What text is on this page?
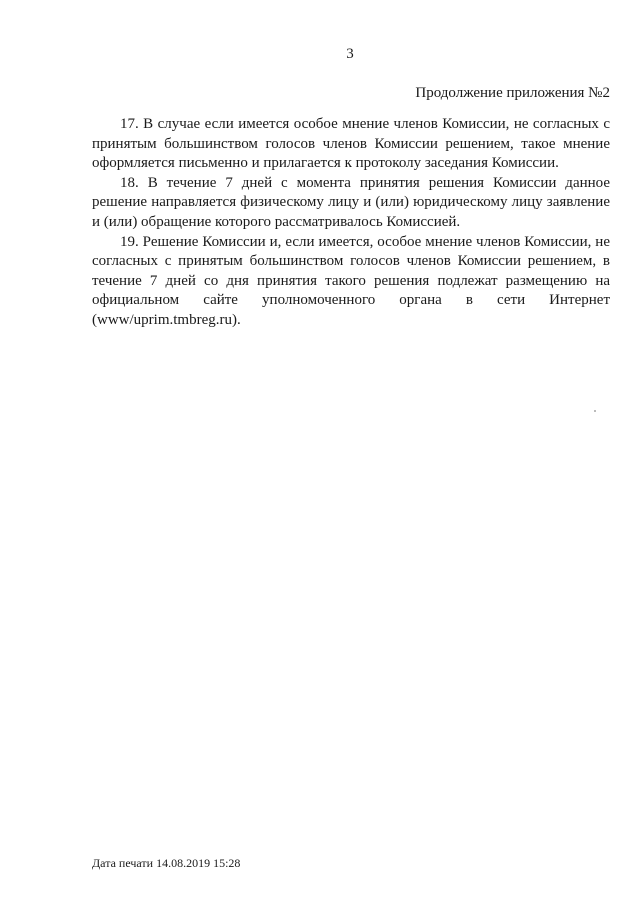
3
Продолжение приложения №2

17. В случае если имеется особое мнение членов Комиссии, не согласных с принятым большинством голосов членов Комиссии решением, такое мнение оформляется письменно и прилагается к протоколу заседания Комиссии.

18. В течение 7 дней с момента принятия решения Комиссии данное решение направляется физическому лицу и (или) юридическому лицу заявление и (или) обращение которого рассматривалось Комиссией.

19. Решение Комиссии и, если имеется, особое мнение членов Комиссии, не согласных с принятым большинством голосов членов Комиссии решением, в течение 7 дней со дня принятия такого решения подлежат размещению на официальном сайте уполномоченного органа в сети Интернет (www/uprim.tmbreg.ru).

Дата печати 14.08.2019 15:28
